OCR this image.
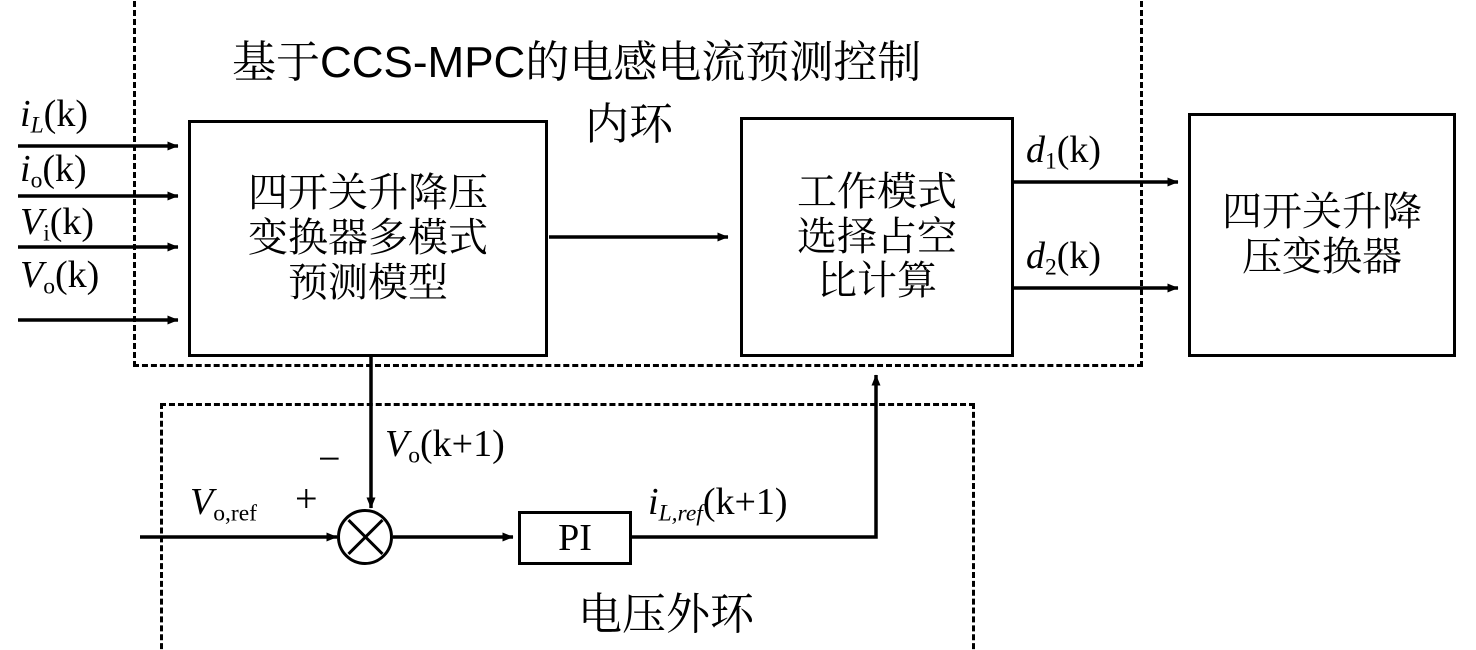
四开关升降压
变换器多模式
预测模型
工作模式
选择占空
比计算
四开关升降
压变换器
PI
基于CCS-MPC的电感电流预测控制
内环
电压外环
$i_L(k)$
$i_o(k)$
$V_i(k)$
$V_o(k)$
$d_1(k)$
$d_2(k)$
$V_o(k+1)$
$V_{o,ref}$	$i_{L,ref}(k+1)$
−
+
